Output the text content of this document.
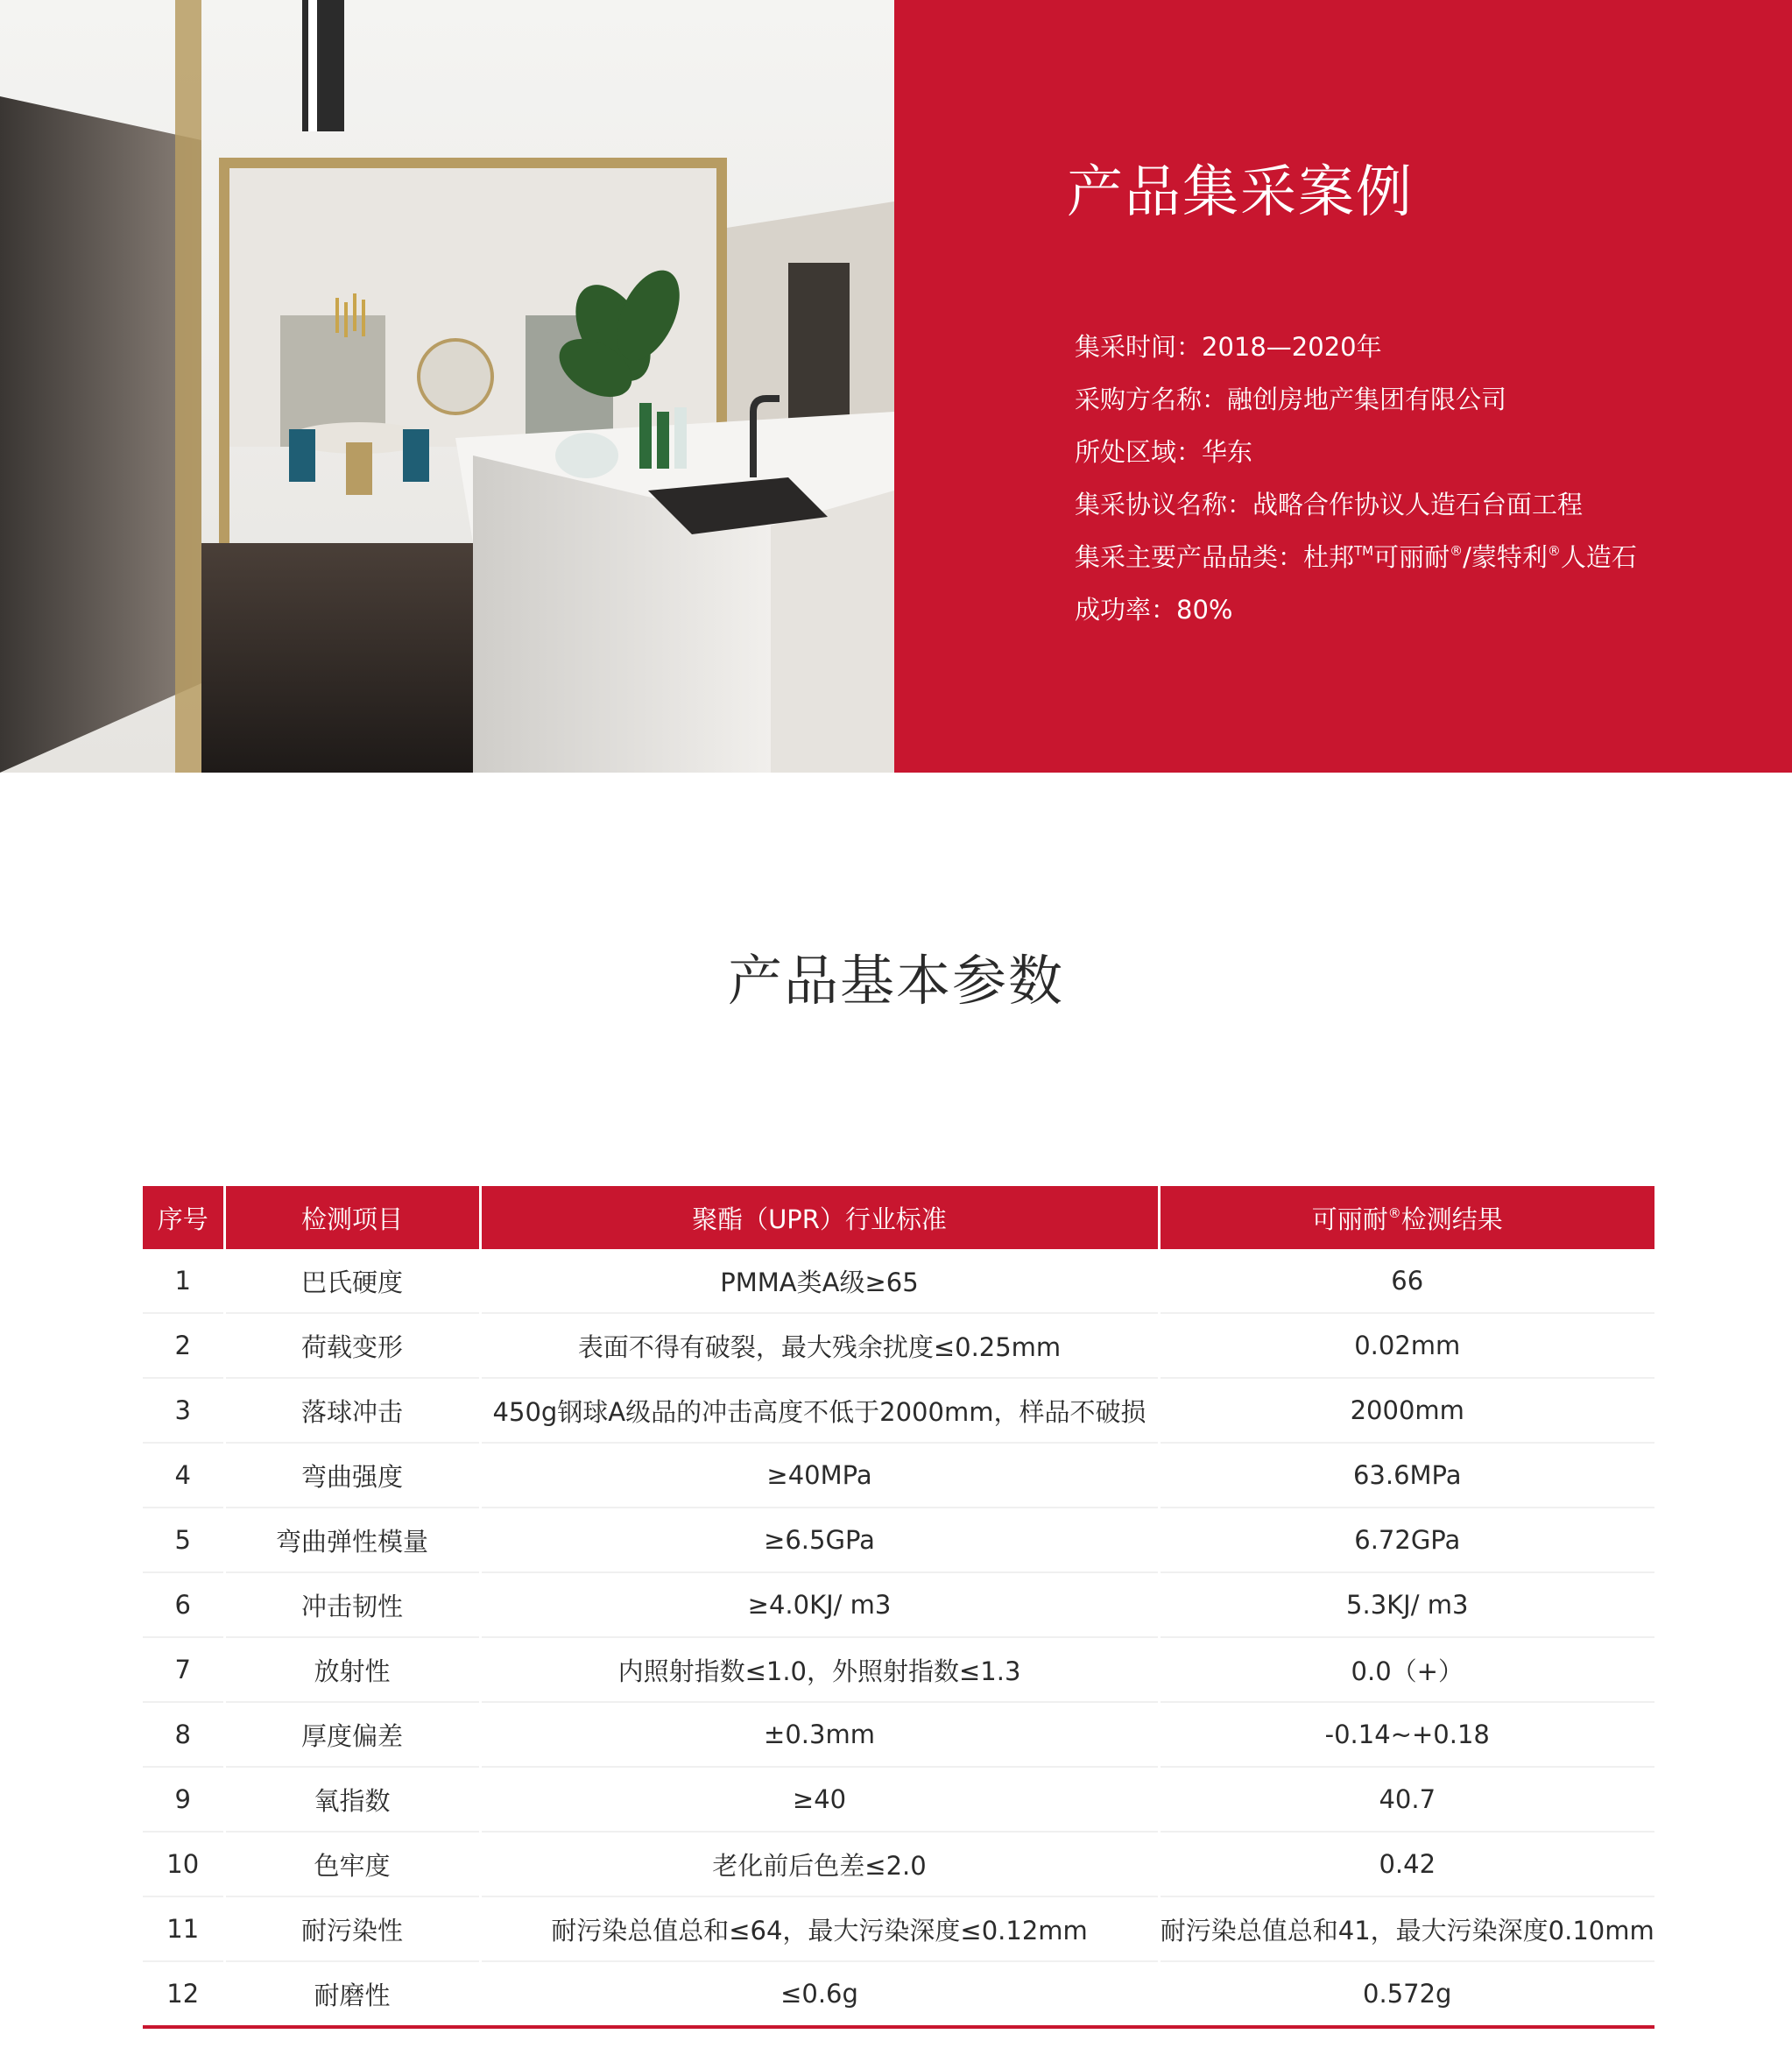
产品集采案例
集采时间：2018—2020年
采购方名称：融创房地产集团有限公司
所处区域：华东
集采协议名称：战略合作协议人造石台面工程
集采主要产品品类：杜邦™可丽耐®/蒙特利®人造石
成功率：80%
产品基本参数
序号	检测项目	聚酯（UPR）行业标准	可丽耐®检测结果
1	巴氏硬度	PMMA类A级≥65	66
2	荷载变形	表面不得有破裂，最大残余扰度≤0.25mm	0.02mm
3	落球冲击	450g钢球A级品的冲击高度不低于2000mm，样品不破损	2000mm
4	弯曲强度	≥40MPa	63.6MPa
5	弯曲弹性模量	≥6.5GPa	6.72GPa
6	冲击韧性	≥4.0KJ/ m3	5.3KJ/ m3
7	放射性	内照射指数≤1.0，外照射指数≤1.3	0.0（+）
8	厚度偏差	±0.3mm	-0.14~+0.18
9	氧指数	≥40	40.7
10	色牢度	老化前后色差≤2.0	0.42
11	耐污染性	耐污染总值总和≤64，最大污染深度≤0.12mm	耐污染总值总和41，最大污染深度0.10mm
12	耐磨性	≤0.6g	0.572g
